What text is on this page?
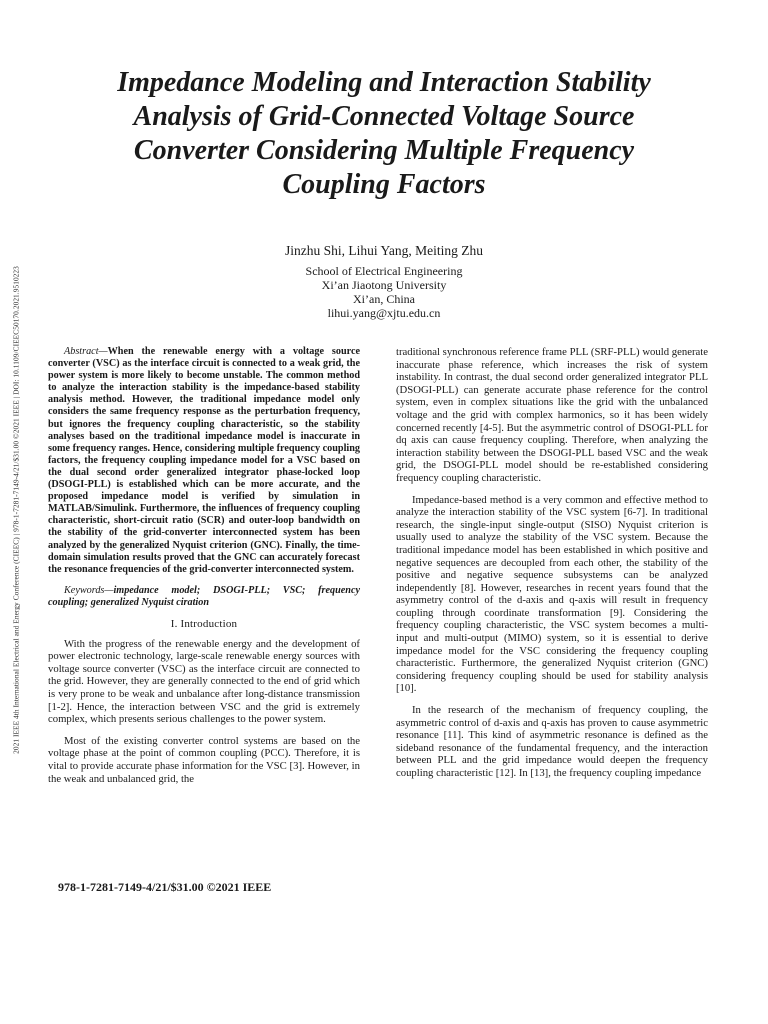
2021 IEEE 4th International Electrical and Energy Conference (CIEEC) | 978-1-7281-7149-4/21/$31.00 ©2021 IEEE | DOI: 10.1109/CIEEC50170.2021.9510223
Impedance Modeling and Interaction Stability
Analysis of Grid-Connected Voltage Source
Converter Considering Multiple Frequency
Coupling Factors
Jinzhu Shi, Lihui Yang, Meiting Zhu
School of Electrical Engineering
Xi’an Jiaotong University
Xi’an, China
lihui.yang@xjtu.edu.cn

Abstract—When the renewable energy with a voltage source converter (VSC) as the interface circuit is connected to a weak grid, the power system is more likely to become unstable. The common method to analyze the interaction stability is the impedance-based stability analysis method. However, the traditional impedance model only considers the same frequency response as the perturbation frequency, but ignores the frequency coupling characteristic, so the stability analyses based on the traditional impedance model is inaccurate in some frequency ranges. Hence, considering multiple frequency coupling factors, the frequency coupling impedance model for a VSC based on the dual second order generalized integrator phase-locked loop (DSOGI-PLL) is established which can be more accurate, and the proposed impedance model is verified by simulation in MATLAB/Simulink. Furthermore, the influences of frequency coupling characteristic, short-circuit ratio (SCR) and outer-loop bandwidth on the stability of the grid-converter interconnected system has been analyzed by the generalized Nyquist criterion (GNC). Finally, the time-domain simulation results proved that the GNC can accurately forecast the resonance frequencies of the grid-converter interconnected system.

Keywords—impedance model; DSOGI-PLL; VSC; frequency coupling; generalized Nyquist ciration

I. Introduction

With the progress of the renewable energy and the development of power electronic technology, large-scale renewable energy sources with voltage source converter (VSC) as the interface circuit are connected to the grid. However, they are generally connected to the end of grid which is very prone to be weak and unbalance after long-distance transmission [1-2]. Hence, the interaction between VSC and the grid is extremely complex, which presents serious challenges to the power system.

Most of the existing converter control systems are based on the voltage phase at the point of common coupling (PCC). Therefore, it is vital to provide accurate phase information for the VSC [3]. However, in the weak and unbalanced grid, the

traditional synchronous reference frame PLL (SRF-PLL) would generate inaccurate phase reference, which increases the risk of system instability. In contrast, the dual second order generalized integrator PLL (DSOGI-PLL) can generate accurate phase reference for the control system, even in complex situations like the grid with the unbalanced voltage and the grid with complex harmonics, so it has been widely concerned recently [4-5]. But the asymmetric control of DSOGI-PLL for dq axis can cause frequency coupling. Therefore, when analyzing the interaction stability between the DSOGI-PLL based VSC and the weak grid, the DSOGI-PLL model should be re-established considering frequency coupling characteristic.

Impedance-based method is a very common and effective method to analyze the interaction stability of the VSC system [6-7]. In traditional research, the single-input single-output (SISO) Nyquist criterion is usually used to analyze the stability of the VSC system. Because the traditional impedance model has been established in which positive and negative sequences are decoupled from each other, the stability of the positive and negative sequence subsystems can be analyzed independently [8]. However, researches in recent years found that the asymmetry control of the d-axis and q-axis will result in frequency coupling through coordinate transformation [9]. Considering the frequency coupling characteristic, the VSC system becomes a multi-input and multi-output (MIMO) system, so it is essential to derive impedance model for the VSC considering the frequency coupling characteristic. Furthermore, the generalized Nyquist criterion (GNC) considering frequency coupling should be used for stability analysis [10].

In the research of the mechanism of frequency coupling, the asymmetric control of d-axis and q-axis has proven to cause asymmetric resonance [11]. This kind of asymmetric resonance is defined as the sideband resonance of the fundamental frequency, and the interaction between PLL and the grid impedance would deepen the frequency coupling characteristic [12]. In [13], the frequency coupling impedance

978-1-7281-7149-4/21/$31.00 ©2021 IEEE
